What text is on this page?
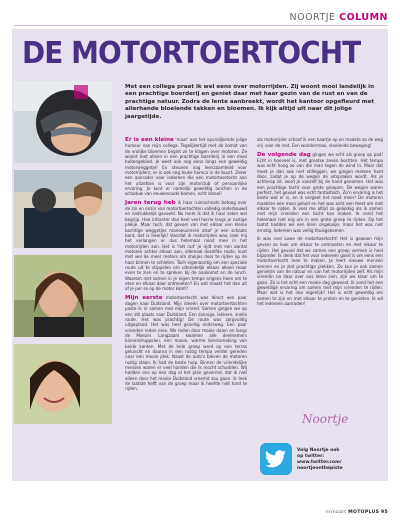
NOORTJE COLUMN
DE MOTORTOERTOCHT
Met een collega praat ik wel eens over motorrijden. Zij woont mooi landelijk in een prachtige boerderij en geniet daar met haar gezin van de rust en van de prachtige natuur. Zodra de lente aanbreekt, wordt het kantoor opgefleurd met allerhande bloeiende takken en bloemen. Ik kijk altijd uit naar dit jolige jaargetijde.

Er is een kleine 'maar' aan het opvrolijkende jolige humeur van mijn collega. Tegelijkertijd met de komst van de vrolijke bloemen begint ze te klagen over motoren. Ze woont met alleen in een prachtige boerderij in een mooi buitengebied. Je weet ook nog eens langs een geweldig motorweggetje! En steunen nog leenzaamheid voor motorrijders; er is ook nog leuke horeca in de buurt. Zeker een aanrader voor iedereen die een motortoertocht aan het uitzetten is voor zijn motorclub of persoonlijke ervaring. Je kunt er namelijk geweldig lunchen in de schaduw van eeuwenoude bomen, echt ideaal!

Jaren terug heb ik haar ruimschoots betoog over de zin en onzin van motortoertochten volledig onderbouwd en nadrukkelijk gevoeld. Nu merk ik dat ik haar zeker wel begrijp. Hoe irritanter dan heel veel herrie langs je rustige plekje. Maar toch, dat gevoel van met elkaar een kleine bochtige weggetjes manoeuvreren alsof je een schaats bent, dat is heerlijk! Voordat ik motorrijden was, leek mij het verlangen er dus helemaal nooit mee in het motorrijden aan. Het is 'hét nut' je rijdt met een aantal motoren achter elkaar aan, allemaal dezelfde route, kunt met wel de meer meters om stukjes door te rijden op de haar binnen te schieten. Toch eigenaardig om een speciale route uit te stippelen om uiteindelijk elkaar alleen maar even te zien en te spreken bij de aankomst en de lunch. Waarom niet samen in je eigen tempo erigens heen om te eten en elkaar daar ontmoeten? En wat maakt het dan uit of je per se op de motor komt?

Mijn eerste motortoertocht was direct een paar dagen naar Duitsland. Mijn ideeën over motortoertochten paste ik in samen met mijn vriend. Samen gingen we op een stil plaats naar Duitsland. Een zonnige, lekkere, snelle route. Het was prachtig! De route was zorgvuldig uitgepland. Het was heel gezellig onderweg. Een paar vrienden reden mee. We reden door mooie dalen en langs de Moezel. Langzaam kwamen alle deelnemers binnendruppelen, een mooie, warme kennismaking van beide kanten. Met de hele groep werd op een terras geluncht en daarna in een rustig tempo verder gereden naar een mooie plek. Naast de auto's bleven de motoren rustig staan. Ik had de beste hulp. Binnen de vriendelijke mensen waren er veel handen die ik mocht schudden. Wij hadden ons op een dag al het plan gevormd, dat ik niet alleen door het mooie Duitsland vreemd zou gaan. Ik leek de laatste helft van de groep maar ik hoefde niet hard te rijden.

als motorrijder schoof ik een kaartje op en maakte zo de weg vrij voor de rest. Een wondermooi, vloeiende beweging!

De volgende dag gingen we echt als groep op pad! Echt in hoeveel is, met grootse zeven bochten. Het tempo was echt hoog zo van die man tegen de wind in. Maar dat moet je dan ook niet stilleggen, we gingen meteen hard door, zodat je op de wegen de uitspraken wordt. Als je achterop zit, word je vanzelf bij de hand genomen. Het was een prachtige tocht voor grote groepen. De wegen waren perfect, het gevoel was echt fantastisch. Zo'n ervaring is het beste wat er is, en ik vergeet het nooit meer! De motoren maakten een mooi geluid en het was echt een feest om met elkaar te rijden. Ik voel me altijd zo gelukkig als ik samen met mijn vrienden een tocht kan maken. Ik vond het helemaal niet erg om in een grote groep te rijden. Op het laatst hadden we een klein ongelukje, maar het was niet ernstig. Iedereen was veilig thuisgekomen.

Ik was snel Lowe de motortoertocht! Het is gewoon mijn gevoel zo leuk om elkaar te ontmoeten en met elkaar te rijden. Het gevoel dat we samen een groep vormen is heel bijzonder. Ik denk dat het voor iedereen goed is om eens een motortoertocht mee te maken. Je leert nieuwe mensen kennen en je ziet prachtige plekken. Zo kun je ook samen genieten van de natuur en van het motorrijden zelf. Als mijn vriendin na daar over ons laten zien, zijn we klaar om te gaan. Zo is het echt een mooie dag geweest. Ik vond het een geweldige ervaring om samen met mijn vrienden te rijden. Maar wat is het nou eigenlijk? Het is echt geweldig om samen te zijn en met elkaar te praten en te genieten. Ik wil het iedereen aanraden!

Noortje
Volg Noortje ook
op twitter:
www.twitter.com/
noortjeonthepiste
nrmaart MOTOPLUS 95
